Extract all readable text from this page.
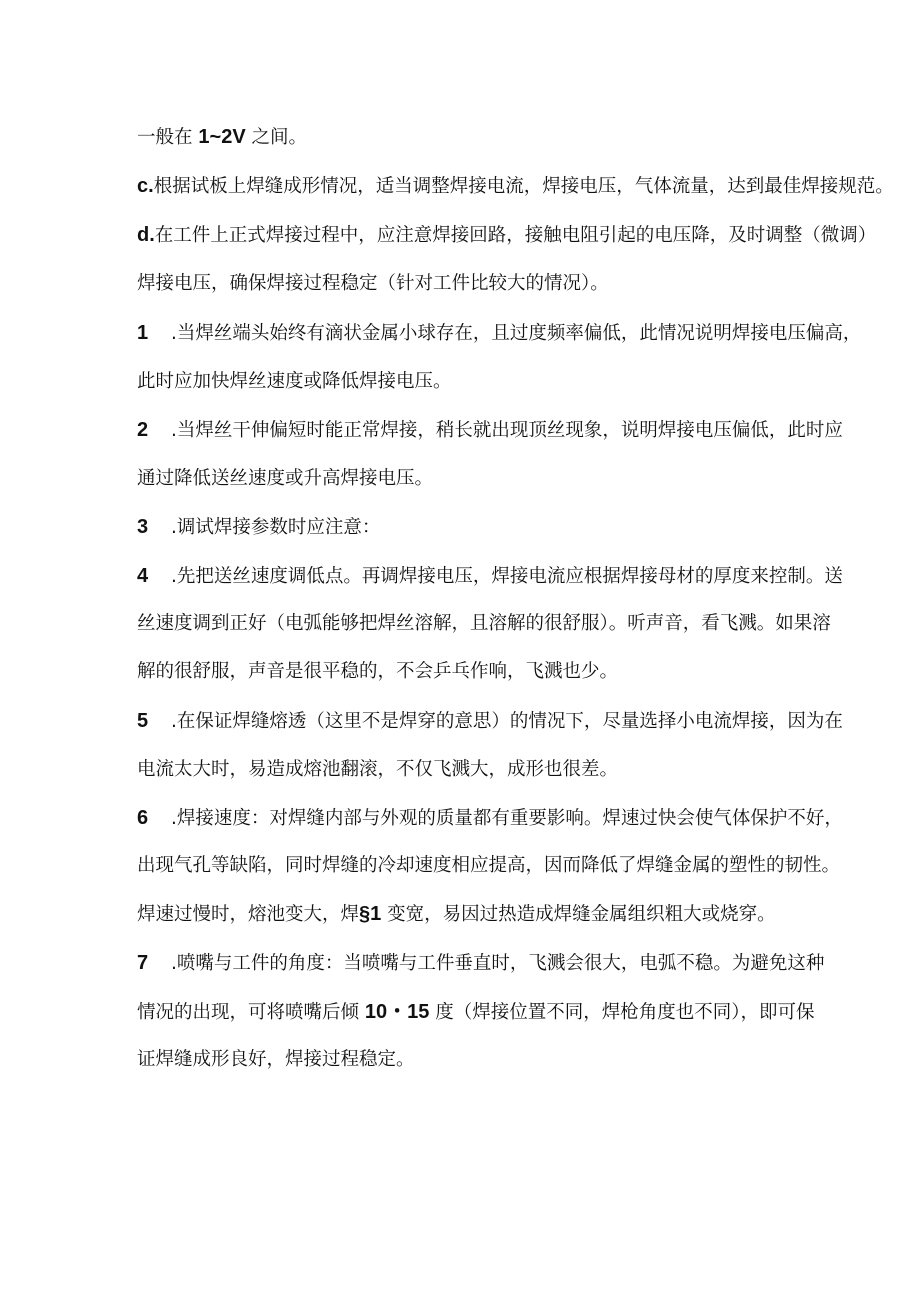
一般在 1~2V 之间。
c.根据试板上焊缝成形情况，适当调整焊接电流，焊接电压，气体流量，达到最佳焊接规范。
d.在工件上正式焊接过程中，应注意焊接回路，接触电阻引起的电压降，及时调整（微调）
焊接电压，确保焊接过程稳定（针对工件比较大的情况）。
1 .当焊丝端头始终有滴状金属小球存在，且过度频率偏低，此情况说明焊接电压偏高，
此时应加快焊丝速度或降低焊接电压。
2 .当焊丝干伸偏短时能正常焊接，稍长就出现顶丝现象，说明焊接电压偏低，此时应
通过降低送丝速度或升高焊接电压。
3 .调试焊接参数时应注意：
4 .先把送丝速度调低点。再调焊接电压，焊接电流应根据焊接母材的厚度来控制。送
丝速度调到正好（电弧能够把焊丝溶解，且溶解的很舒服）。听声音，看飞溅。如果溶
解的很舒服，声音是很平稳的，不会乒乓作响，飞溅也少。
5 .在保证焊缝熔透（这里不是焊穿的意思）的情况下，尽量选择小电流焊接，因为在
电流太大时，易造成熔池翻滚，不仅飞溅大，成形也很差。
6 .焊接速度：对焊缝内部与外观的质量都有重要影响。焊速过快会使气体保护不好，
出现气孔等缺陷，同时焊缝的冷却速度相应提高，因而降低了焊缝金属的塑性的韧性。
焊速过慢时，熔池变大，焊§1 变宽，易因过热造成焊缝金属组织粗大或烧穿。
7 .喷嘴与工件的角度：当喷嘴与工件垂直时，飞溅会很大，电弧不稳。为避免这种
情况的出现，可将喷嘴后倾 10・15 度（焊接位置不同，焊枪角度也不同），即可保
证焊缝成形良好，焊接过程稳定。
